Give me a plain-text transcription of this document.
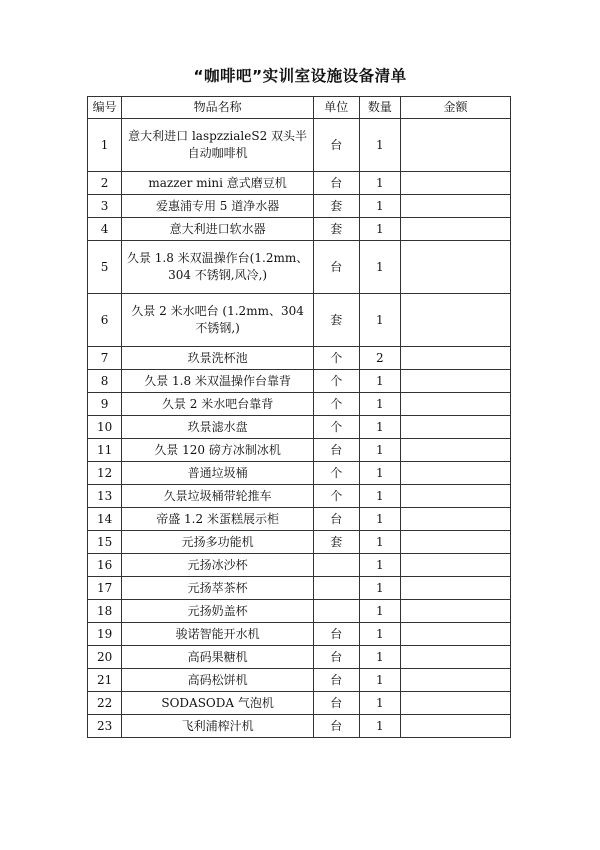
“咖啡吧”实训室设施设备清单
编号	物品名称	单位	数量	金额
1	意大利进口 laspzzialeS2 双头半自动咖啡机	台	1	
2	mazzer mini 意式磨豆机	台	1	
3	爱惠浦专用 5 道净水器	套	1	
4	意大利进口软水器	套	1	
5	久景 1.8 米双温操作台(1.2mm、304 不锈钢,风冷,)	台	1	
6	久景 2 米水吧台 (1.2mm、304 不锈钢,)	套	1	
7	玖景洗杯池	个	2	
8	久景 1.8 米双温操作台靠背	个	1	
9	久景 2 米水吧台靠背	个	1	
10	玖景滤水盘	个	1	
11	久景 120 磅方冰制冰机	台	1	
12	普通垃圾桶	个	1	
13	久景垃圾桶带轮推车	个	1	
14	帝盛 1.2 米蛋糕展示柜	台	1	
15	元扬多功能机	套	1	
16	元扬冰沙杯		1	
17	元扬萃茶杯		1	
18	元扬奶盖杯		1	
19	骏诺智能开水机	台	1	
20	高码果糖机	台	1	
21	高码松饼机	台	1	
22	SODASODA 气泡机	台	1	
23	飞利浦榨汁机	台	1	
